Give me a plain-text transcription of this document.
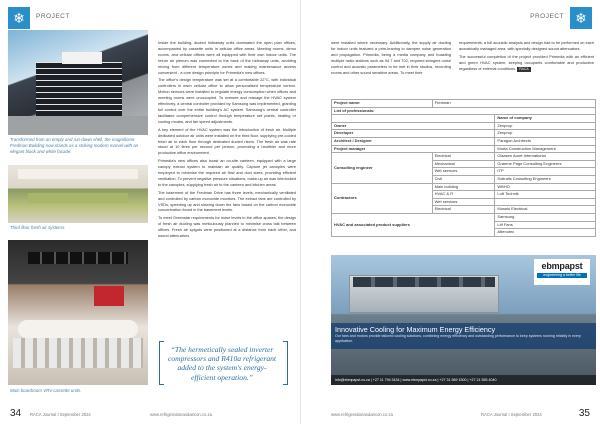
❄	PROJECT
Transformed from an empty and run-down shell, the magnificent Fredman Building now stands as a striking modern marvel with an elegant black and white facade.
Third floor fresh air systems.
Main boardroom VRV cassette units.

Inside the building, ducted hideaway units dominated the open plan offices, accompanied by cassette units in cellular office areas. Meeting rooms, demo rooms, and cellular offices were all equipped with their own indoor units. The return air plenum was connected to the back of the hideaway units, avoiding mixing from different temperature zones and making maintenance access convenient - a core design principle for Primedia's new offices.

The office's design temperature was set at a comfortable 22°C, with individual controllers in each cellular office to allow personalised temperature control. Motion sensors were installed to regulate energy consumption when offices and meeting rooms were unoccupied. To oversee and manage the HVAC system effectively, a central controller provided by Samsung was implemented, granting full control over the entire building's AC system. Samsung's central controller facilitated comprehensive control through temperature set points, heating or cooling modes, and fan speed adjustments.

A key element of the HVAC system was the introduction of fresh air. Multiple dedicated outdoor air units were installed on the third floor, supplying pre-cooled fresh air to each floor through dedicated ducted risers. The fresh air was rate stood at 10 litres per second per person, promoting a healthier and more productive office environment.

Primedia's new offices also boast an on-site canteen, equipped with a large canopy extract system to maintain air quality. Capture jet canopies were employed to minimise the required air flow and duct sizes, providing efficient ventilation. To prevent negative pressure situations, make-up air was interlocked to the canopies, supplying fresh air to the canteen and kitchen areas.

The basement of the Fredman Drive has three levels, mechanically ventilated and controlled by carbon monoxide monitors. The extract fans are controlled by VSDs, speeding up and slowing down the fans based on the carbon monoxide concentration found in the basement levels.

To meet Greenstar requirements for noise levels in the office spaces, the design of fresh air ducting was meticulously planned to minimise cross talk between offices. Fresh air spigots were positioned at a distance from each other, and sound attenuators

“The hermetically sealed inverter compressors and R410a refrigerant added to the system's energy-efficient operation.”
34 RACA Journal I September 2024	www.refrigerationandaircon.co.za
PROJECT ❄

were installed where necessary. Additionally, the supply air ducting for indoor units featured a prim-leaning to dampen noise generation and propagation. Primedia, being a media company and boasting multiple radio stations such as 94.7 and 702, required stringent noise control and acoustic parameters to be met in their studios, recording rooms and other sound sensitive areas. To meet their

requirements, a full acoustic analysis and design had to be performed on each acoustically managed area, with specially designed sound attenuators.

The successful completion of the project provided Primedia with an efficient and green HVAC system, keeping occupants comfortable and productive regardless of external conditions. RACA

Project name:	Fredman	
List of professionals:		
		Name of company
Owner		Zenprop
Developer		Zenprop
Architect / Designer		Paragon Architects
Project manager		Morta Construction Management
Consulting engineer	Electrical	Claasen Auret International
	Mechanical	Graeme Page Consulting Engineers
	Wet services	ITP
	Civil	Sotiralis Consulting Engineers
Contractors	Main building	WBHO
	HVAC & R	Luft Technik
	Wet services	
	Electrical	Moseki Electrical
HVAC and associated product suppliers		Samsung
		Lift Fans
		Attenutec
ebmpapst
engineering a better life
Innovative Cooling for Maximum Energy Efficiency
Our fans and motors provide tailored cooling solutions, combining energy efficiency and outstanding performance to keep systems running reliably in every application.
info@ebmpapst.co.za | +27 11 794 3434 | www.ebmpapst.co.za | +27 31 569 1500 | +27 21 555 4040
www.refrigerationandaircon.co.za	RACA Journal I September 2024	35
